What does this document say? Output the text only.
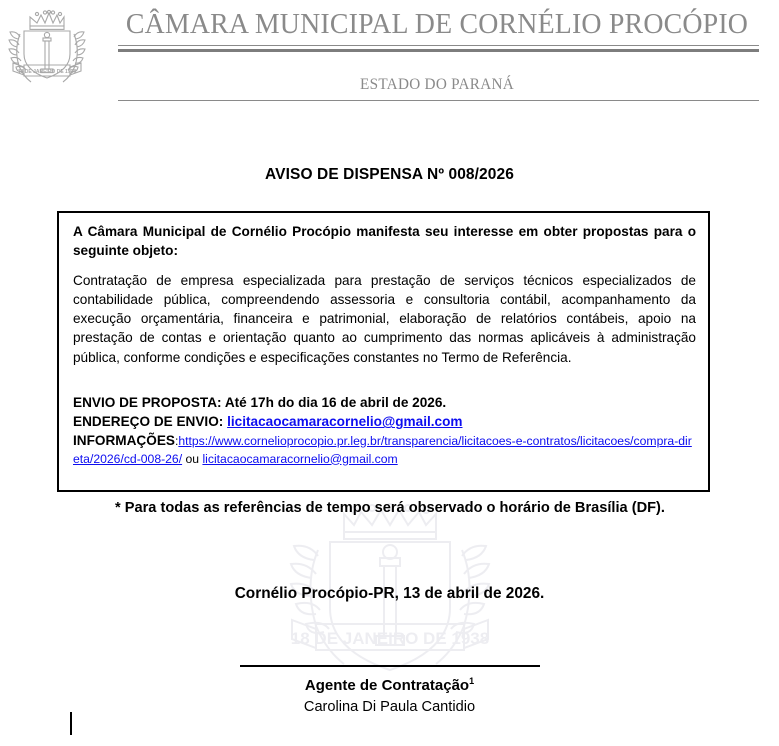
18 DE JANEIRO DE 1938
18 DE JANEIRO DE 1938
CÂMARA MUNICIPAL DE CORNÉLIO PROCÓPIO
ESTADO DO PARANÁ
AVISO DE DISPENSA Nº 008/2026

A Câmara Municipal de Cornélio Procópio manifesta seu interesse em obter propostas para o seguinte objeto:

Contratação de empresa especializada para prestação de serviços técnicos especializados de contabilidade pública, compreendendo assessoria e consultoria contábil, acompanhamento da execução orçamentária, financeira e patrimonial, elaboração de relatórios contábeis, apoio na prestação de contas e orientação quanto ao cumprimento das normas aplicáveis à administração pública, conforme condições e especificações constantes no Termo de Referência.

ENVIO DE PROPOSTA: Até 17h do dia 16 de abril de 2026.

ENDEREÇO DE ENVIO: licitacaocamaracornelio@gmail.com

INFORMAÇÕES:https://www.cornelioprocopio.pr.leg.br/transparencia/licitacoes-e-contratos/licitacoes/compra-direta/2026/cd-008-26/ ou licitacaocamaracornelio@gmail.com

* Para todas as referências de tempo será observado o horário de Brasília (DF).
Cornélio Procópio-PR, 13 de abril de 2026.
Agente de Contratação$^1$
Carolina Di Paula Cantidio
